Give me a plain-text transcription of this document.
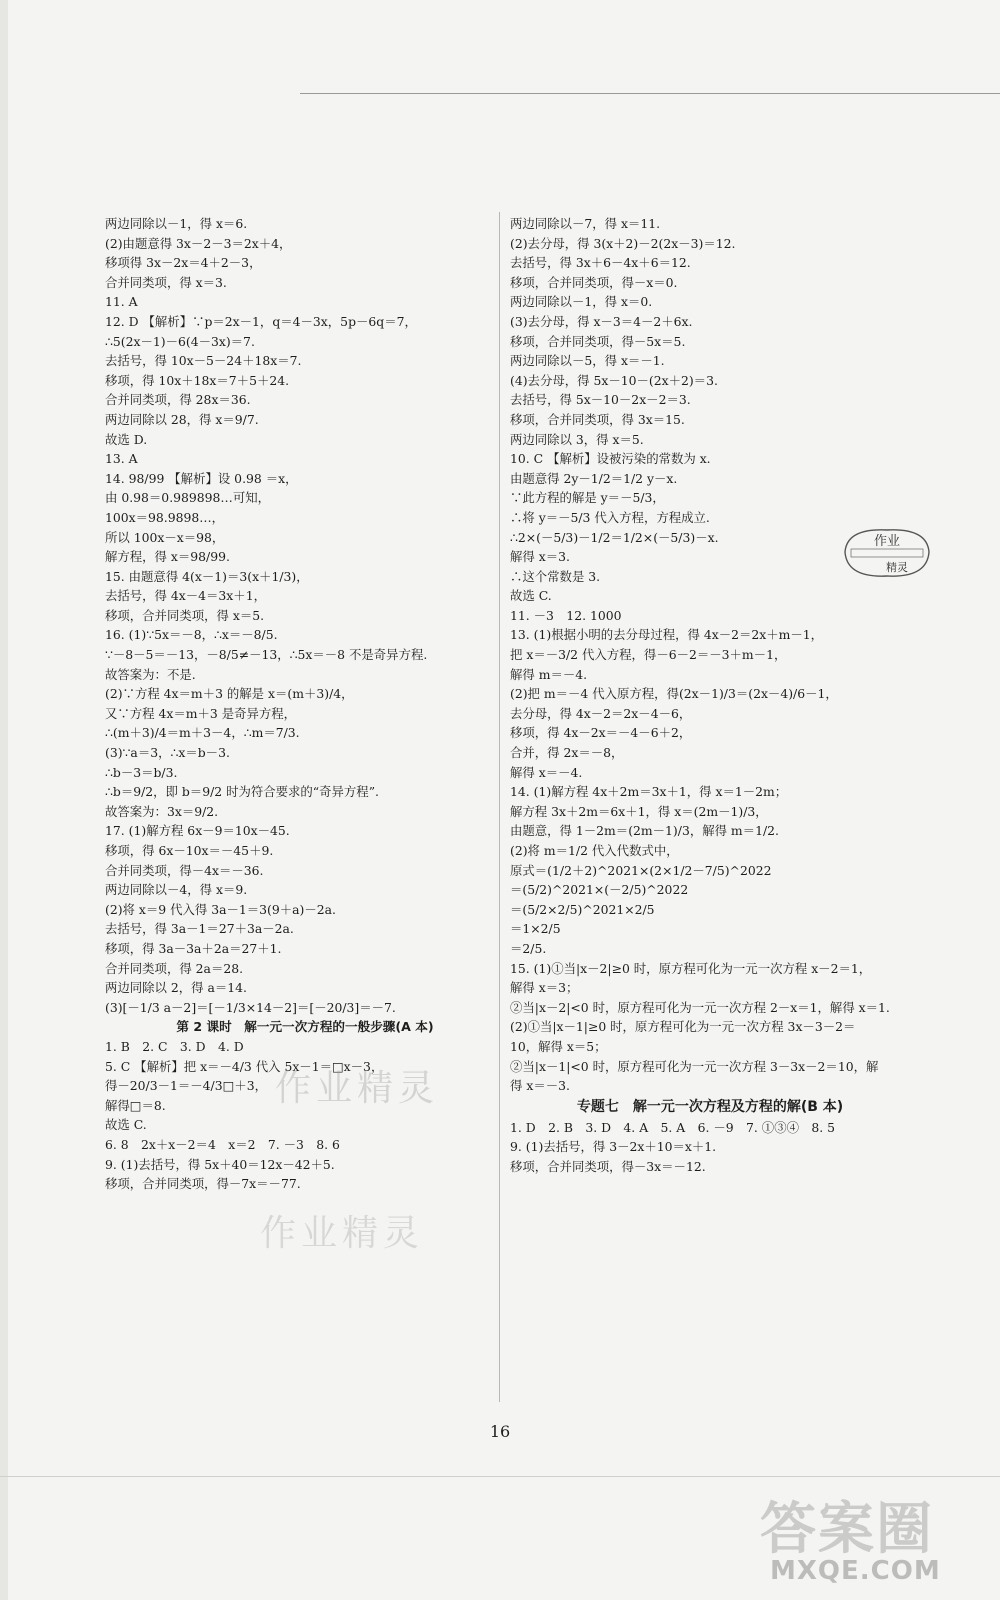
两边同除以－1，得 x＝6.
(2)由题意得 3x－2－3＝2x＋4，
移项得 3x－2x＝4＋2－3，
合并同类项，得 x＝3.
11. A
12. D 【解析】∵p＝2x－1，q＝4－3x，5p－6q＝7，
∴5(2x－1)－6(4－3x)＝7.
去括号，得 10x－5－24＋18x＝7.
移项，得 10x＋18x＝7＋5＋24.
合并同类项，得 28x＝36.
两边同除以 28，得 x＝9/7.
故选 D.
13. A
14. 98/99 【解析】设 0.98 ＝x，
由 0.98＝0.989898…可知，
100x＝98.9898…，
所以 100x－x＝98，
解方程，得 x＝98/99.
15. 由题意得 4(x－1)＝3(x＋1/3)，
去括号，得 4x－4＝3x＋1，
移项，合并同类项，得 x＝5.
16. (1)∵5x＝－8，∴x＝－8/5.
∵－8－5＝－13，－8/5≠－13，∴5x＝－8 不是奇异方程.
故答案为：不是.
(2)∵方程 4x＝m＋3 的解是 x＝(m＋3)/4，
又∵方程 4x＝m＋3 是奇异方程，
∴(m＋3)/4＝m＋3－4，∴m＝7/3.
(3)∵a＝3，∴x＝b－3.
∴b－3＝b/3.
∴b＝9/2，即 b＝9/2 时为符合要求的“奇异方程”.
故答案为：3x＝9/2.
17. (1)解方程 6x－9＝10x－45.
移项，得 6x－10x＝－45＋9.
合并同类项，得－4x＝－36.
两边同除以－4，得 x＝9.
(2)将 x＝9 代入得 3a－1＝3(9＋a)－2a.
去括号，得 3a－1＝27＋3a－2a.
移项，得 3a－3a＋2a＝27＋1.
合并同类项，得 2a＝28.
两边同除以 2，得 a＝14.
(3)[－1/3 a－2]＝[－1/3×14－2]＝[－20/3]＝－7.
第 2 课时　解一元一次方程的一般步骤(A 本)
1. B　2. C　3. D　4. D
5. C 【解析】把 x＝－4/3 代入 5x－1＝□x－3，
得－20/3－1＝－4/3□＋3，
解得□＝8.
故选 C.
6. 8　2x＋x－2＝4　x＝2　7. －3　8. 6
9. (1)去括号，得 5x＋40＝12x－42＋5.
移项，合并同类项，得－7x＝－77.
两边同除以－7，得 x＝11.
(2)去分母，得 3(x＋2)－2(2x－3)＝12.
去括号，得 3x＋6－4x＋6＝12.
移项，合并同类项，得－x＝0.
两边同除以－1，得 x＝0.
(3)去分母，得 x－3＝4－2＋6x.
移项，合并同类项，得－5x＝5.
两边同除以－5，得 x＝－1.
(4)去分母，得 5x－10－(2x＋2)＝3.
去括号，得 5x－10－2x－2＝3.
移项，合并同类项，得 3x＝15.
两边同除以 3，得 x＝5.
10. C 【解析】设被污染的常数为 x.
由题意得 2y－1/2＝1/2 y－x.
∵此方程的解是 y＝－5/3，
∴将 y＝－5/3 代入方程，方程成立.
∴2×(－5/3)－1/2＝1/2×(－5/3)－x.
解得 x＝3.
∴这个常数是 3.
故选 C.
11. －3　12. 1000
13. (1)根据小明的去分母过程，得 4x－2＝2x＋m－1，
把 x＝－3/2 代入方程，得－6－2＝－3＋m－1，
解得 m＝－4.
(2)把 m＝－4 代入原方程，得(2x－1)/3＝(2x－4)/6－1，
去分母，得 4x－2＝2x－4－6，
移项，得 4x－2x＝－4－6＋2，
合并，得 2x＝－8，
解得 x＝－4.
14. (1)解方程 4x＋2m＝3x＋1，得 x＝1－2m；
解方程 3x＋2m＝6x＋1，得 x＝(2m－1)/3，
由题意，得 1－2m＝(2m－1)/3，解得 m＝1/2.
(2)将 m＝1/2 代入代数式中，
原式＝(1/2＋2)^2021×(2×1/2－7/5)^2022
＝(5/2)^2021×(－2/5)^2022
＝(5/2×2/5)^2021×2/5
＝1×2/5
＝2/5.
15. (1)①当|x－2|≥0 时，原方程可化为一元一次方程 x－2＝1，
解得 x＝3；
②当|x－2|<0 时，原方程可化为一元一次方程 2－x＝1，解得 x＝1.
(2)①当|x－1|≥0 时，原方程可化为一元一次方程 3x－3－2＝
10，解得 x＝5；
②当|x－1|<0 时，原方程可化为一元一次方程 3－3x－2＝10，解
得 x＝－3.
专题七　解一元一次方程及方程的解(B 本)
1. D　2. B　3. D　4. A　5. A　6. －9　7. ①③④　8. 5
9. (1)去括号，得 3－2x＋10＝x＋1.
移项，合并同类项，得－3x＝－12.
作业
精灵
作业精灵
作业精灵
16
答案圈
MXQE.COM
